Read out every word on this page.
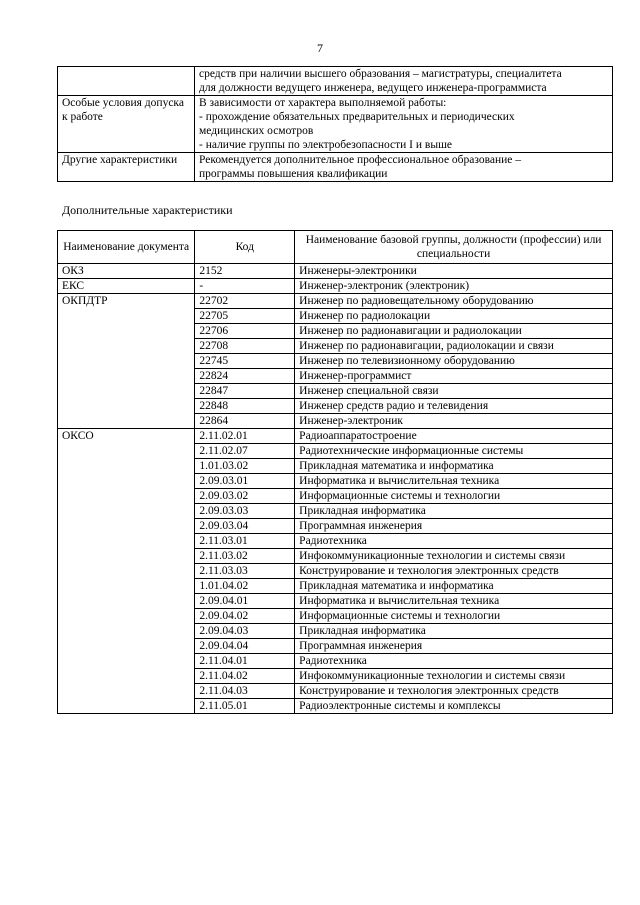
7

	средств при наличии высшего образования – магистратуры, специалитета
для должности ведущего инженера, ведущего инженера-программиста

Особые условия допуска к работе	В зависимости от характера выполняемой работы:
- прохождение обязательных предварительных и периодических
медицинских осмотров
- наличие группы по электробезопасности I и выше

Другие характеристики	Рекомендуется дополнительное профессиональное образование –
программы повышения квалификации
Дополнительные характеристики
Наименование документа	Код	Наименование базовой группы, должности (профессии) или специальности
ОКЗ	2152	Инженеры-электроники
ЕКС	-	Инженер-электроник (электроник)
ОКПДТР	22702	Инженер по радиовещательному оборудованию
	22705	Инженер по радиолокации
	22706	Инженер по радионавигации и радиолокации
	22708	Инженер по радионавигации, радиолокации и связи
	22745	Инженер по телевизионному оборудованию
	22824	Инженер-программист
	22847	Инженер специальной связи
	22848	Инженер средств радио и телевидения
	22864	Инженер-электроник
ОКСО	2.11.02.01	Радиоаппаратостроение
	2.11.02.07	Радиотехнические информационные системы
	1.01.03.02	Прикладная математика и информатика
	2.09.03.01	Информатика и вычислительная техника
	2.09.03.02	Информационные системы и технологии
	2.09.03.03	Прикладная информатика
	2.09.03.04	Программная инженерия
	2.11.03.01	Радиотехника
	2.11.03.02	Инфокоммуникационные технологии и системы связи
	2.11.03.03	Конструирование и технология электронных средств
	1.01.04.02	Прикладная математика и информатика
	2.09.04.01	Информатика и вычислительная техника
	2.09.04.02	Информационные системы и технологии
	2.09.04.03	Прикладная информатика
	2.09.04.04	Программная инженерия
	2.11.04.01	Радиотехника
	2.11.04.02	Инфокоммуникационные технологии и системы связи
	2.11.04.03	Конструирование и технология электронных средств
	2.11.05.01	Радиоэлектронные системы и комплексы
